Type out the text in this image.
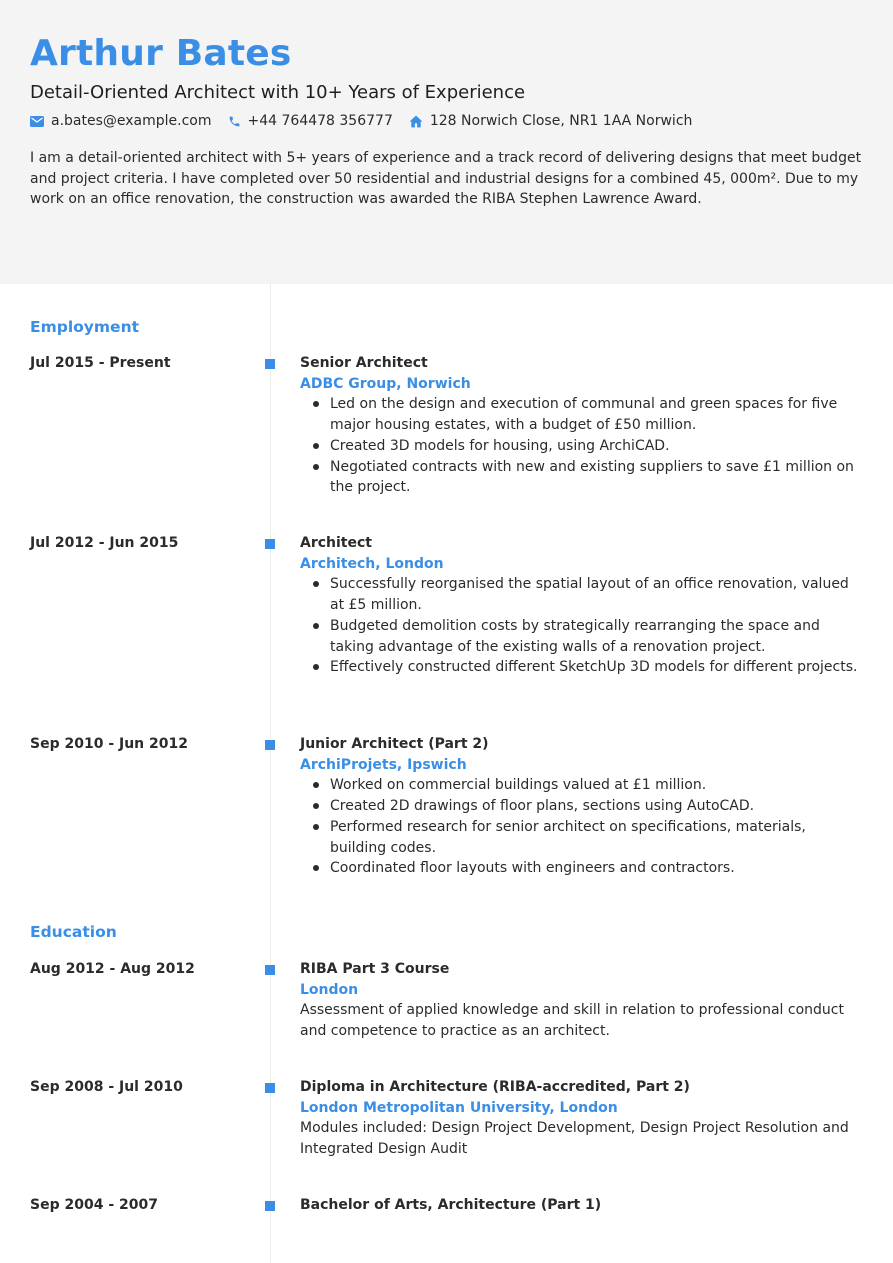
Arthur Bates
Detail-Oriented Architect with 10+ Years of Experience
a.bates@example.com	+44 764478 356777	128 Norwich Close, NR1 1AA Norwich

I am a detail-oriented architect with 5+ years of experience and a track record of delivering designs that meet budget and project criteria. I have completed over 50 residential and industrial designs for a combined 45, 000m². Due to my work on an office renovation, the construction was awarded the RIBA Stephen Lawrence Award.

Employment
Jul 2015 - Present	Senior Architect
ADBC Group, Norwich
Led on the design and execution of communal and green spaces for five major housing estates, with a budget of £50 million.
Created 3D models for housing, using ArchiCAD.
Negotiated contracts with new and existing suppliers to save £1 million on the project.
Jul 2012 - Jun 2015	Architect
Architech, London
Successfully reorganised the spatial layout of an office renovation, valued at £5 million.
Budgeted demolition costs by strategically rearranging the space and taking advantage of the existing walls of a renovation project.
Effectively constructed different SketchUp 3D models for different projects.
Sep 2010 - Jun 2012	Junior Architect (Part 2)
ArchiProjets, Ipswich
Worked on commercial buildings valued at £1 million.
Created 2D drawings of floor plans, sections using AutoCAD.
Performed research for senior architect on specifications, materials, building codes.
Coordinated floor layouts with engineers and contractors.
Education
Aug 2012 - Aug 2012	RIBA Part 3 Course
London
Assessment of applied knowledge and skill in relation to professional conduct and competence to practice as an architect.
Sep 2008 - Jul 2010	Diploma in Architecture (RIBA-accredited, Part 2)
London Metropolitan University, London
Modules included: Design Project Development, Design Project Resolution and Integrated Design Audit
Sep 2004 - 2007	Bachelor of Arts, Architecture (Part 1)
